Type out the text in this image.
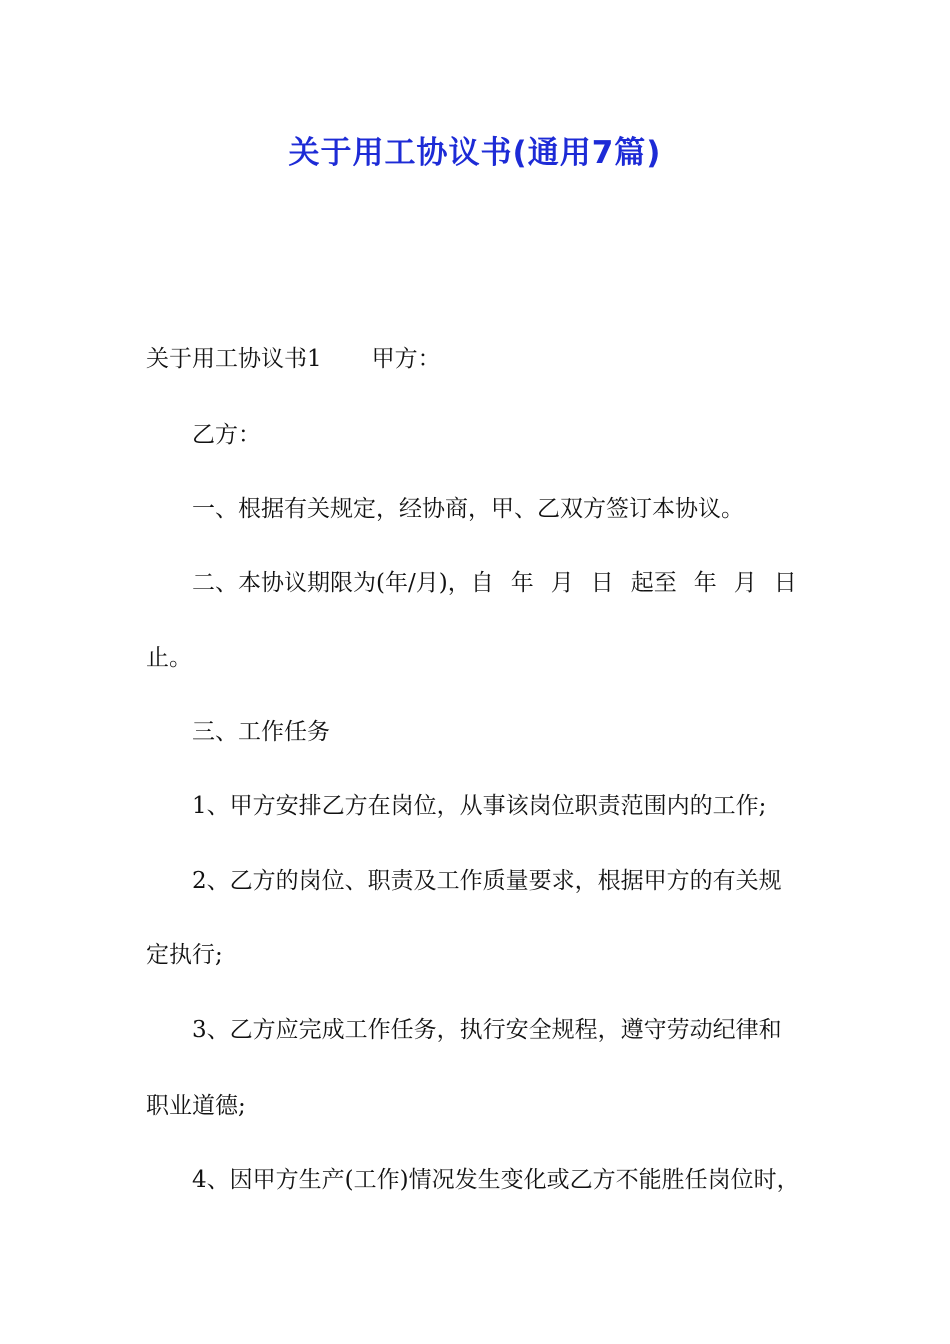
关于用工协议书(通用7篇)
关于用工协议书1 甲方：
乙方：
一、根据有关规定，经协商，甲、乙双方签订本协议。
二、本协议期限为(年/月)，自 年 月 日 起至 年 月 日
止。
三、工作任务
1、甲方安排乙方在岗位，从事该岗位职责范围内的工作;
2、乙方的岗位、职责及工作质量要求，根据甲方的有关规
定执行;
3、乙方应完成工作任务，执行安全规程，遵守劳动纪律和
职业道德;
4、因甲方生产(工作)情况发生变化或乙方不能胜任岗位时，
